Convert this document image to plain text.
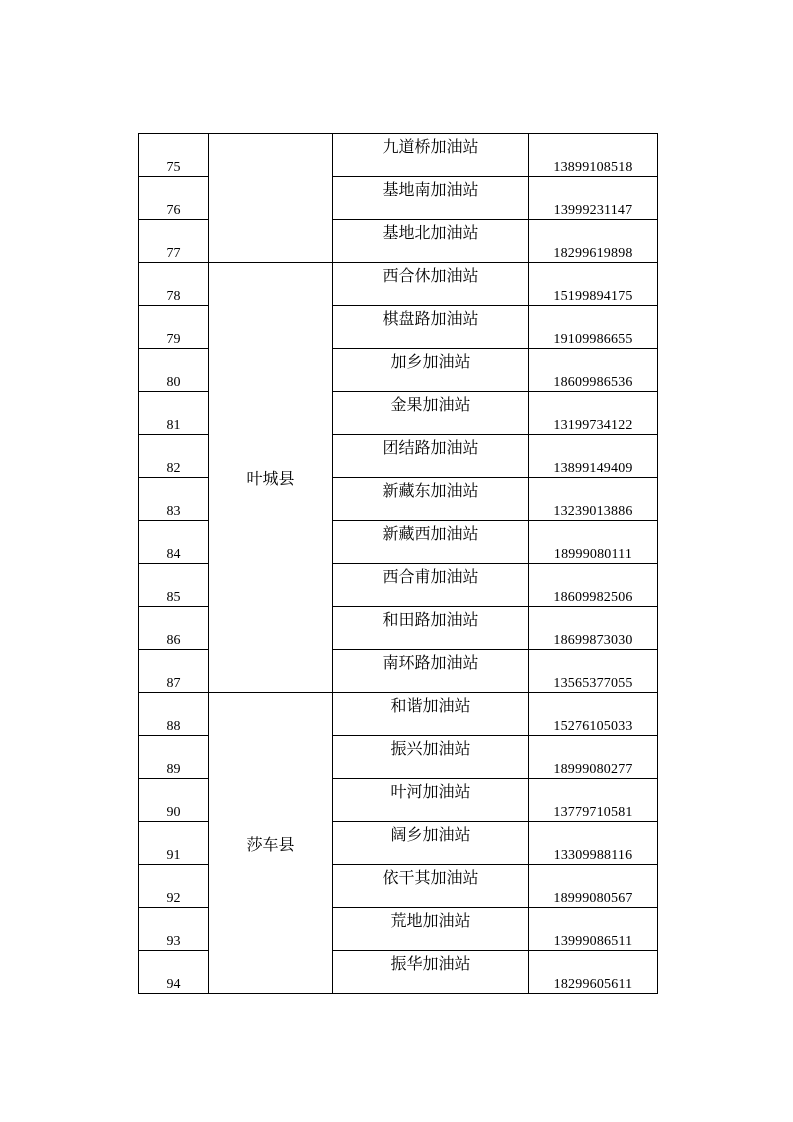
75		九道桥加油站	13899108518
76		基地南加油站	13999231147
77		基地北加油站	18299619898
78	叶城县	西合休加油站	15199894175
79		棋盘路加油站	19109986655
80		加乡加油站	18609986536
81		金果加油站	13199734122
82		团结路加油站	13899149409
83		新藏东加油站	13239013886
84		新藏西加油站	18999080111
85		西合甫加油站	18609982506
86		和田路加油站	18699873030
87		南环路加油站	13565377055
88	莎车县	和谐加油站	15276105033
89		振兴加油站	18999080277
90		叶河加油站	13779710581
91		阔乡加油站	13309988116
92		依干其加油站	18999080567
93		荒地加油站	13999086511
94		振华加油站	18299605611
